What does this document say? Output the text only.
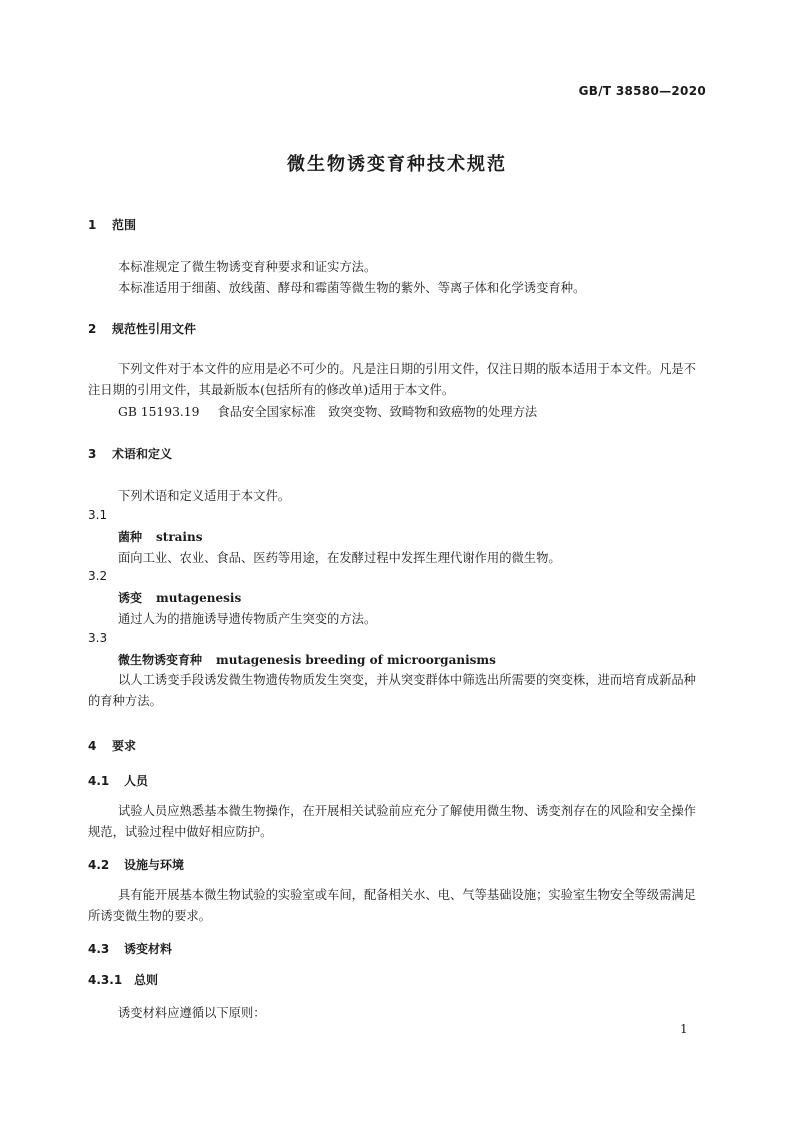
GB/T 38580—2020
微生物诱变育种技术规范
1 范围
本标准规定了微生物诱变育种要求和证实方法。
本标准适用于细菌、放线菌、酵母和霉菌等微生物的紫外、等离子体和化学诱变育种。
2 规范性引用文件
下列文件对于本文件的应用是必不可少的。凡是注日期的引用文件，仅注日期的版本适用于本文件。凡是不注日期的引用文件，其最新版本(包括所有的修改单)适用于本文件。
GB 15193.19 食品安全国家标准　致突变物、致畸物和致癌物的处理方法
3 术语和定义
下列术语和定义适用于本文件。
3.1
菌种 strains
面向工业、农业、食品、医药等用途，在发酵过程中发挥生理代谢作用的微生物。
3.2
诱变 mutagenesis
通过人为的措施诱导遗传物质产生突变的方法。
3.3
微生物诱变育种 mutagenesis breeding of microorganisms
以人工诱变手段诱发微生物遗传物质发生突变，并从突变群体中筛选出所需要的突变株，进而培育成新品种的育种方法。
4 要求
4.1 人员
试验人员应熟悉基本微生物操作，在开展相关试验前应充分了解使用微生物、诱变剂存在的风险和安全操作规范，试验过程中做好相应防护。
4.2 设施与环境
具有能开展基本微生物试验的实验室或车间，配备相关水、电、气等基础设施；实验室生物安全等级需满足所诱变微生物的要求。
4.3 诱变材料
4.3.1 总则
诱变材料应遵循以下原则：
1
